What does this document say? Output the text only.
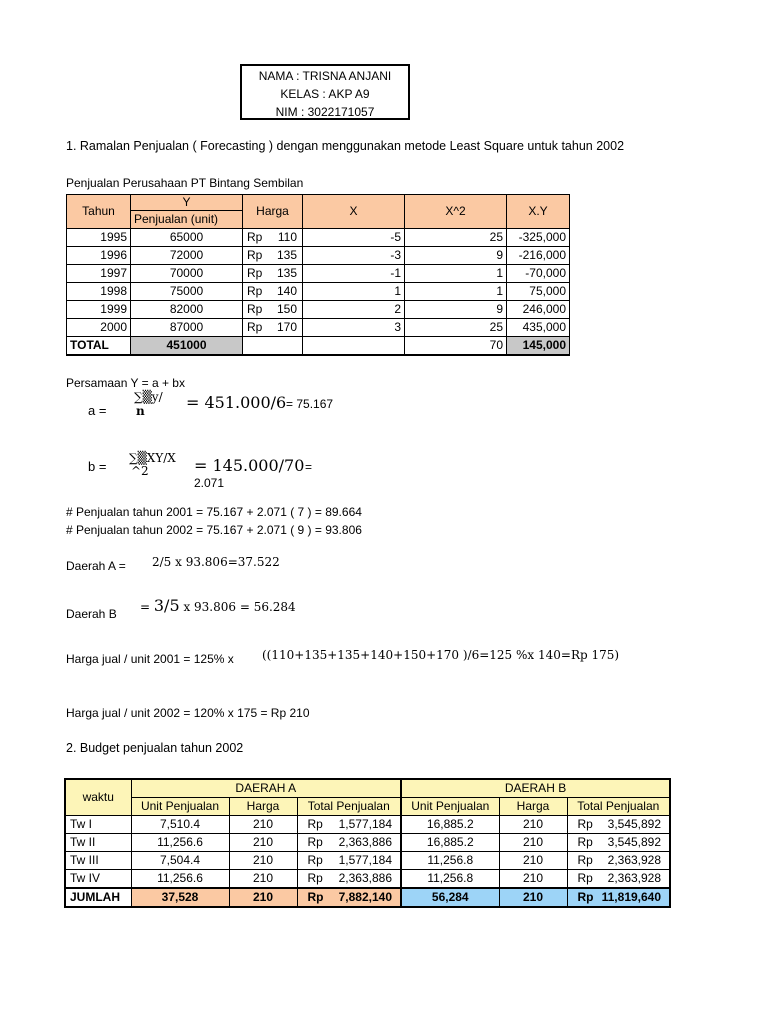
NAMA : TRISNA ANJANI
KELAS : AKP A9
NIM : 3022171057
1. Ramalan Penjualan ( Forecasting ) dengan menggunakan metode Least Square untuk tahun 2002
Penjualan Perusahaan PT Bintang Sembilan
Tahun	Y	Harga	X	X^2	X.Y
	Penjualan (unit)				
1995	65000	Rp 110	-5	25	-325,000
1996	72000	Rp 135	-3	9	-216,000
1997	70000	Rp 135	-1	1	-70,000
1998	75000	Rp 140	1	1	75,000
1999	82000	Rp 150	2	9	246,000
2000	87000	Rp 170	3	25	435,000
TOTAL	451000			70	145,000
Persamaan Y = a + bx
a =
∑▒y/
n	= 451.000/6 = 75.167
b =
∑▒XY/X
^2	= 145.000/70 =
2.071
# Penjualan tahun 2001 = 75.167 + 2.071 ( 7 ) = 89.664
# Penjualan tahun 2002 = 75.167 + 2.071 ( 9 ) = 93.806
Daerah A = 2/5 x 93.806=37.522
Daerah B = 3/5 x 93.806 = 56.284
Harga jual / unit 2001 = 125% x ((110+135+135+140+150+170 )/6=125 %x 140=Rp 175)
Harga jual / unit 2002 = 120% x 175 = Rp 210
2. Budget penjualan tahun 2002
waktu	DAERAH A			DAERAH B		
	Unit Penjualan	Harga	Total Penjualan	Unit Penjualan	Harga	Total Penjualan
Tw I	7,510.4	210	Rp 1,577,184	16,885.2	210	Rp 3,545,892

Tw II	11,256.6	210	Rp 2,363,886	16,885.2	210	Rp 3,545,892

Tw III	7,504.4	210	Rp 1,577,184	11,256.8	210	Rp 2,363,928

Tw IV	11,256.6	210	Rp 2,363,886	11,256.8	210	Rp 2,363,928

JUMLAH	37,528	210	Rp 7,882,140	56,284	210	Rp 11,819,640
